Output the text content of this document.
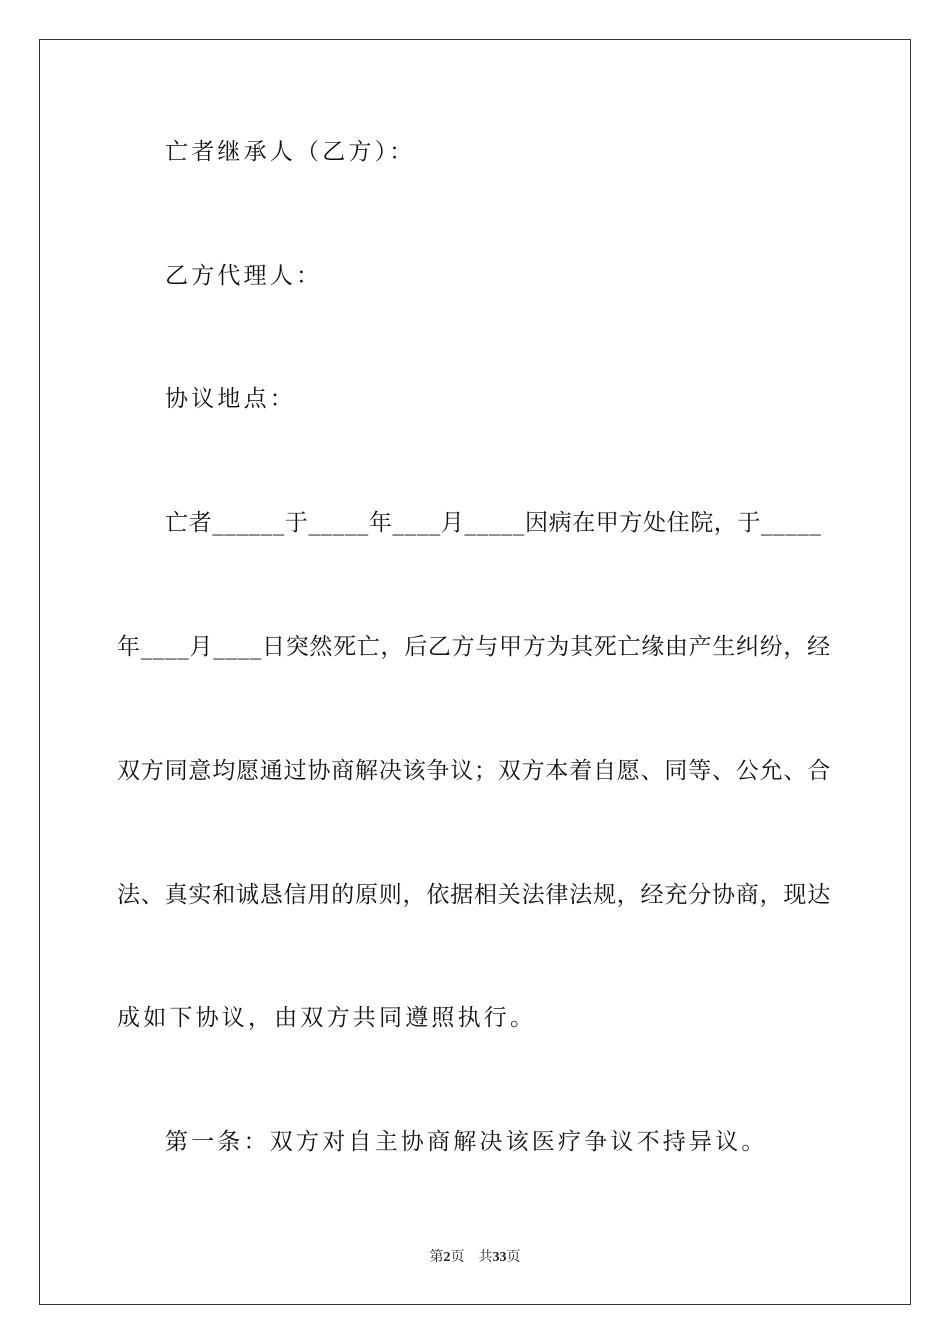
亡者继承人（乙方）：
乙方代理人：
协议地点：
亡者______于_____年____月_____因病在甲方处住院，于_____
年____月____日突然死亡，后乙方与甲方为其死亡缘由产生纠纷，经
双方同意均愿通过协商解决该争议；双方本着自愿、同等、公允、合
法、真实和诚恳信用的原则，依据相关法律法规，经充分协商，现达
成如下协议，由双方共同遵照执行。
第一条：双方对自主协商解决该医疗争议不持异议。
第2页 共33页
